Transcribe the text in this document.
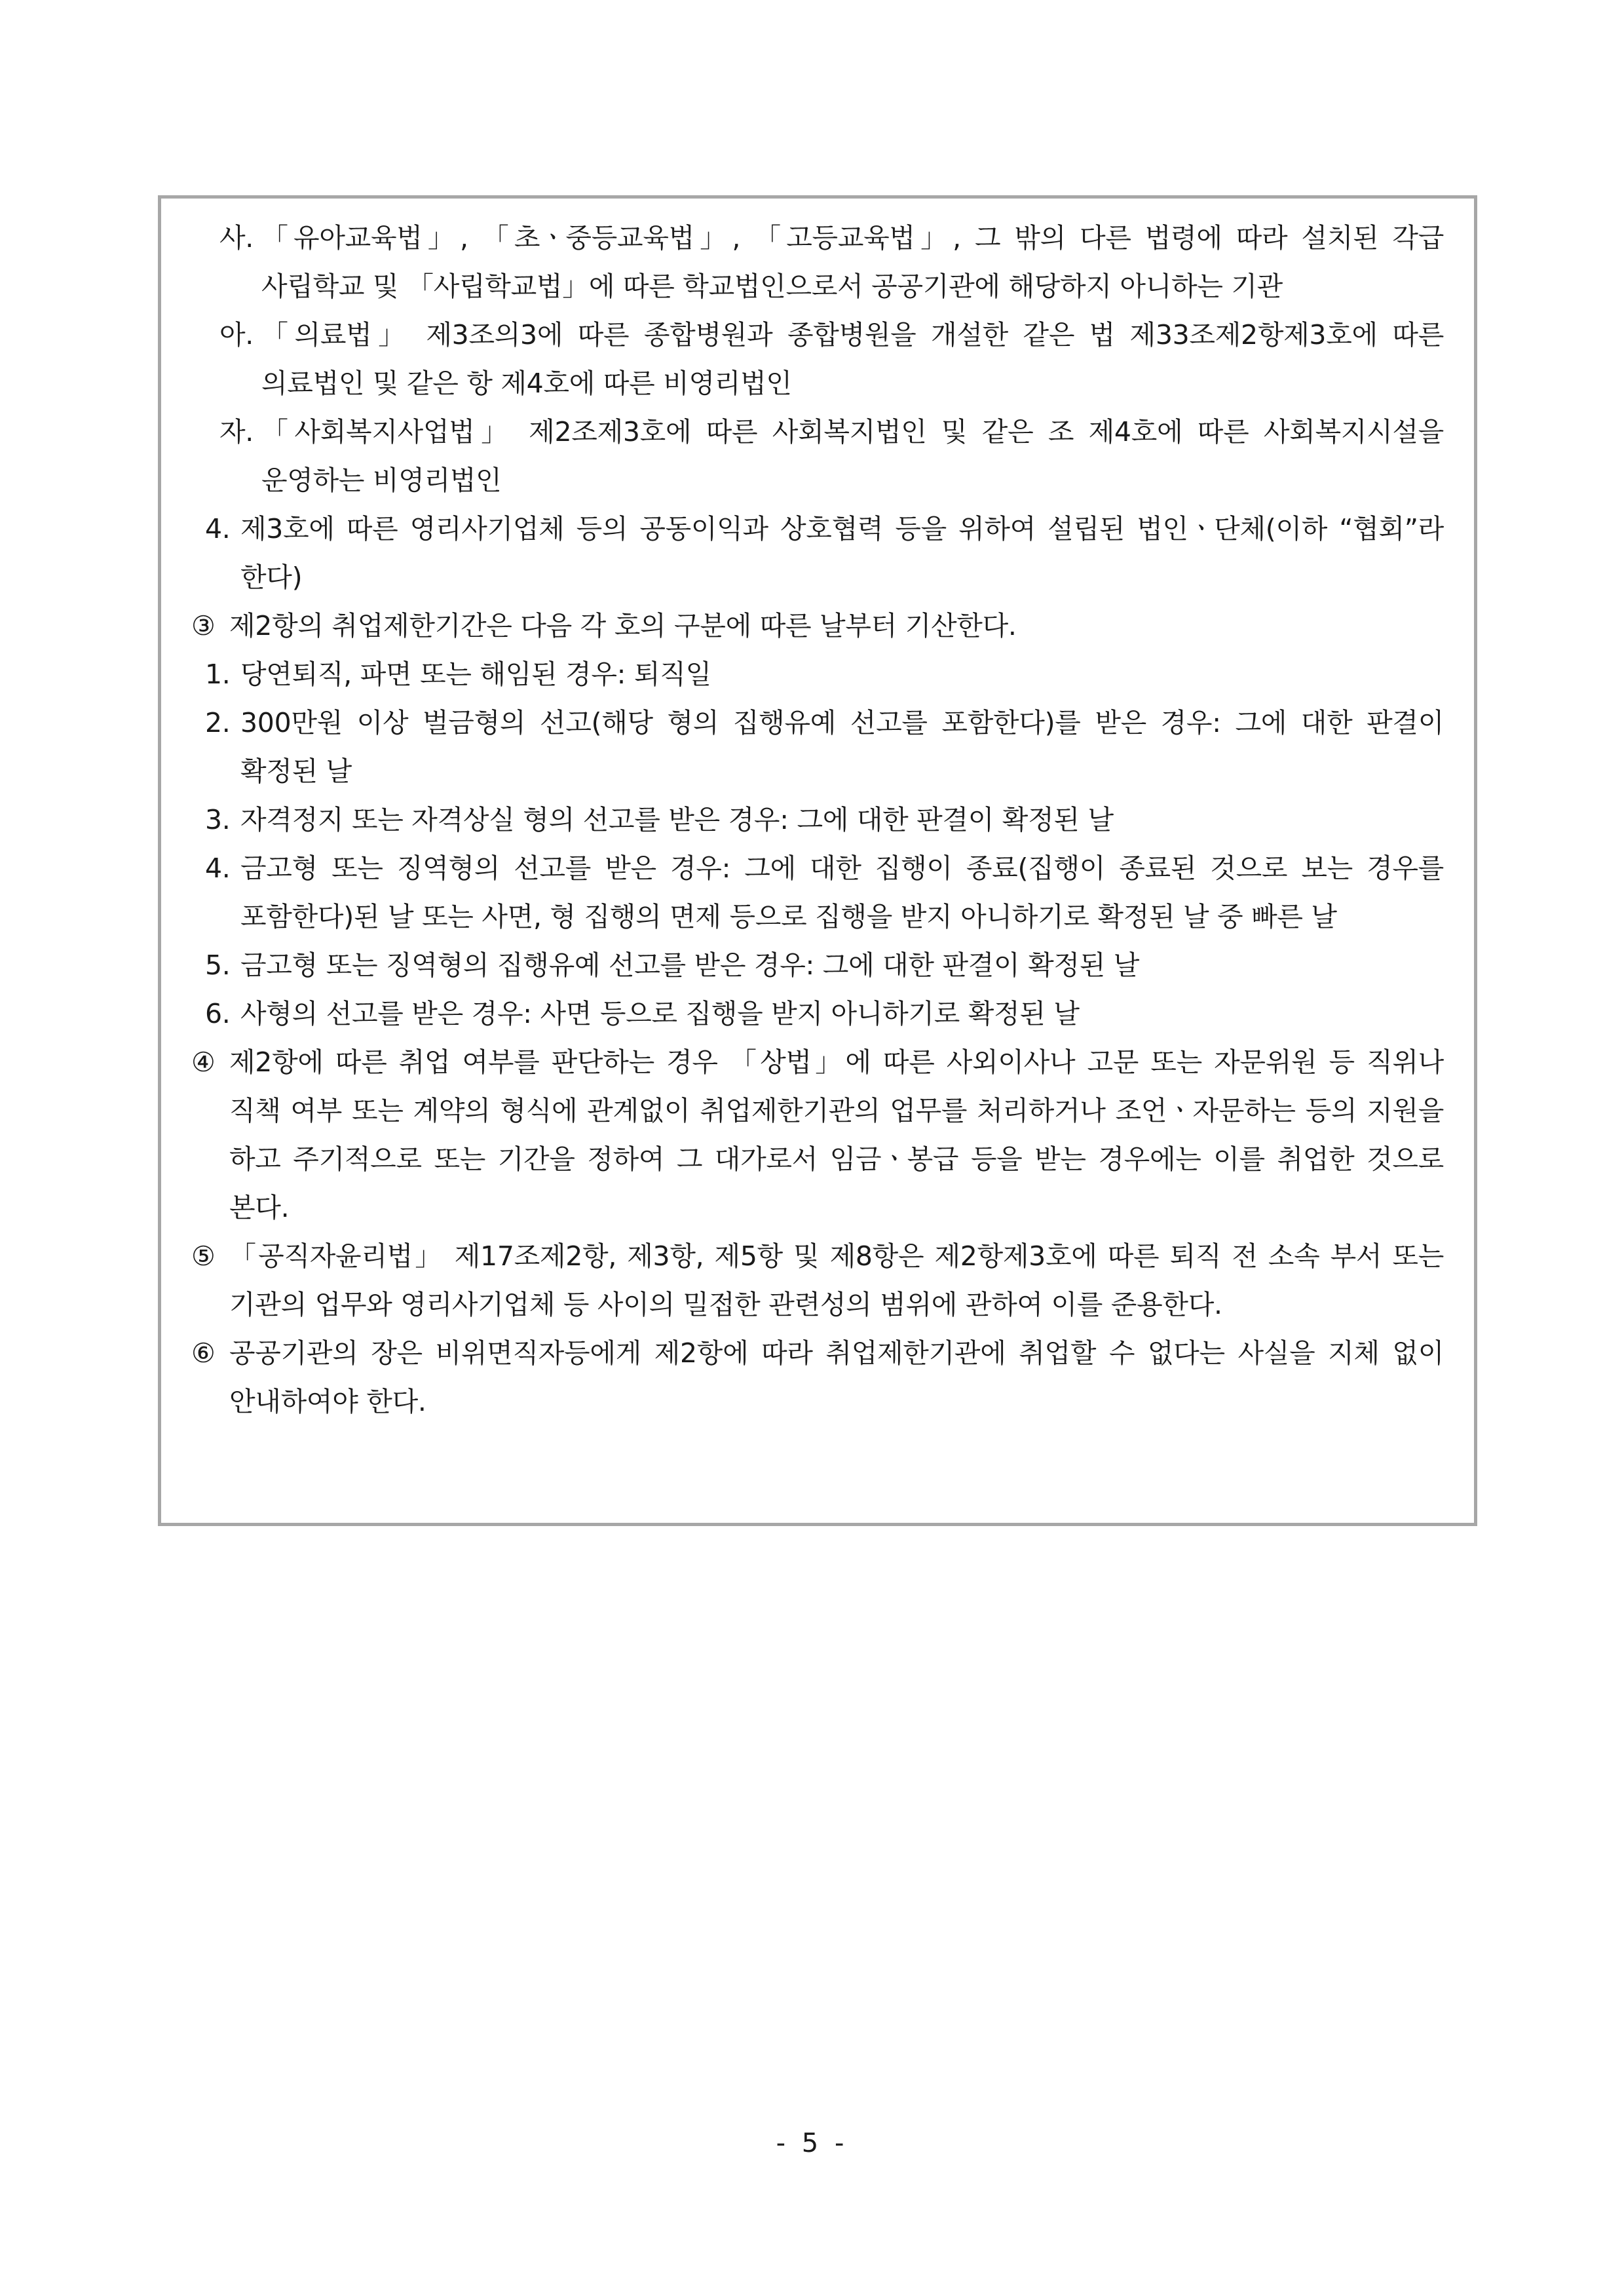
사. 「유아교육법」, 「초ㆍ중등교육법」, 「고등교육법」, 그 밖의 다른 법령에 따라 설치된 각급 사립학교 및 「사립학교법」에 따른 학교법인으로서 공공기관에 해당하지 아니하는 기관
아. 「의료법」 제3조의3에 따른 종합병원과 종합병원을 개설한 같은 법 제33조제2항제3호에 따른 의료법인 및 같은 항 제4호에 따른 비영리법인
자. 「사회복지사업법」 제2조제3호에 따른 사회복지법인 및 같은 조 제4호에 따른 사회복지시설을 운영하는 비영리법인
4. 제3호에 따른 영리사기업체 등의 공동이익과 상호협력 등을 위하여 설립된 법인ㆍ단체(이하 “협회”라 한다)
③ 제2항의 취업제한기간은 다음 각 호의 구분에 따른 날부터 기산한다.
1. 당연퇴직, 파면 또는 해임된 경우: 퇴직일
2. 300만원 이상 벌금형의 선고(해당 형의 집행유예 선고를 포함한다)를 받은 경우: 그에 대한 판결이 확정된 날
3. 자격정지 또는 자격상실 형의 선고를 받은 경우: 그에 대한 판결이 확정된 날
4. 금고형 또는 징역형의 선고를 받은 경우: 그에 대한 집행이 종료(집행이 종료된 것으로 보는 경우를 포함한다)된 날 또는 사면, 형 집행의 면제 등으로 집행을 받지 아니하기로 확정된 날 중 빠른 날
5. 금고형 또는 징역형의 집행유예 선고를 받은 경우: 그에 대한 판결이 확정된 날
6. 사형의 선고를 받은 경우: 사면 등으로 집행을 받지 아니하기로 확정된 날
④ 제2항에 따른 취업 여부를 판단하는 경우 「상법」에 따른 사외이사나 고문 또는 자문위원 등 직위나 직책 여부 또는 계약의 형식에 관계없이 취업제한기관의 업무를 처리하거나 조언ㆍ자문하는 등의 지원을 하고 주기적으로 또는 기간을 정하여 그 대가로서 임금ㆍ봉급 등을 받는 경우에는 이를 취업한 것으로 본다.
⑤ 「공직자윤리법」 제17조제2항, 제3항, 제5항 및 제8항은 제2항제3호에 따른 퇴직 전 소속 부서 또는 기관의 업무와 영리사기업체 등 사이의 밀접한 관련성의 범위에 관하여 이를 준용한다.
⑥ 공공기관의 장은 비위면직자등에게 제2항에 따라 취업제한기관에 취업할 수 없다는 사실을 지체 없이 안내하여야 한다.
- 5 -
